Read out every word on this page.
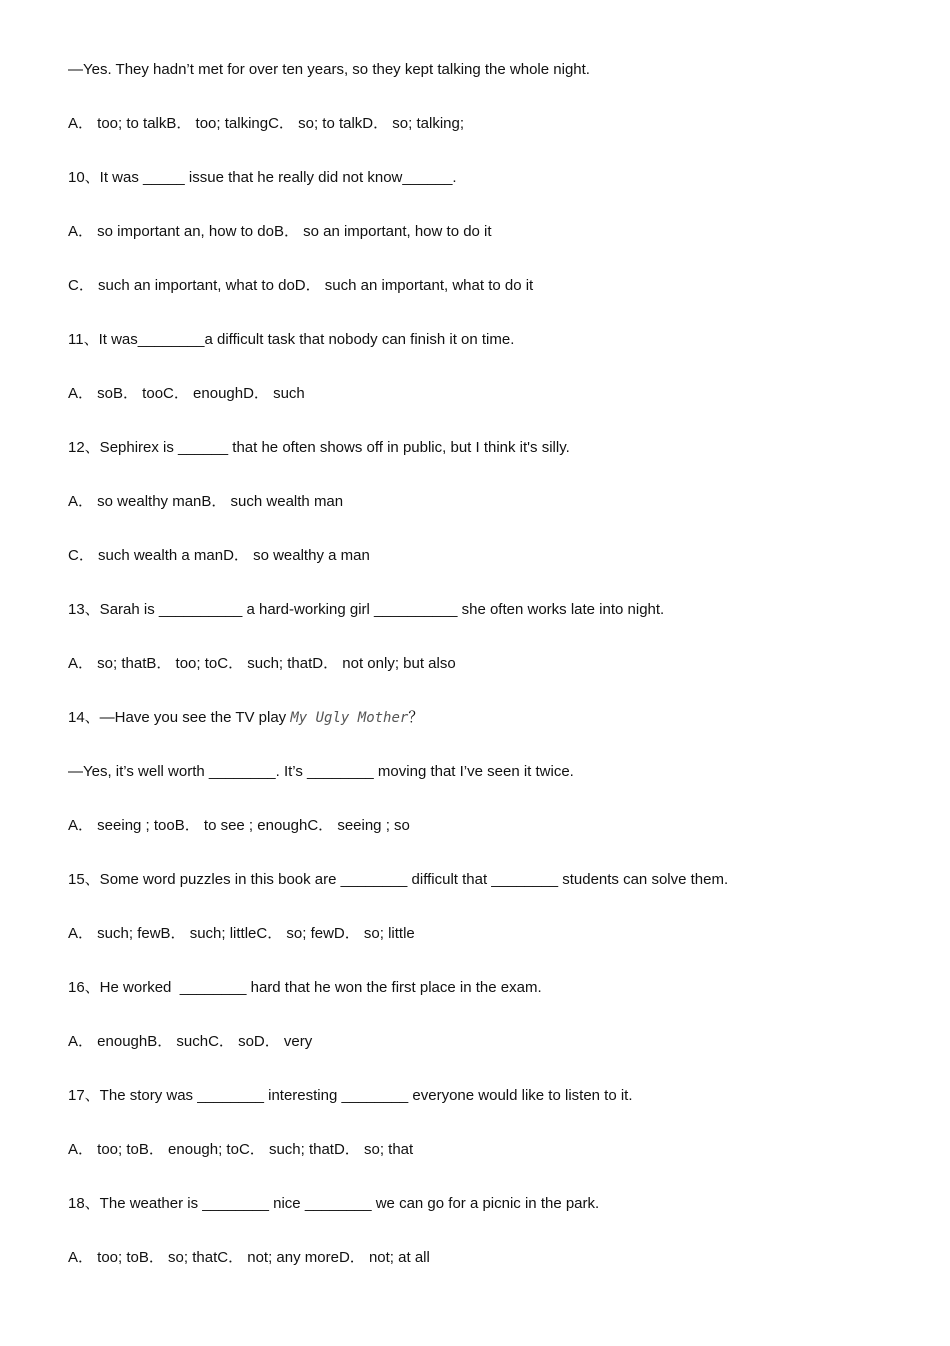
—Yes. They hadn’t met for over ten years, so they kept talking the whole night.
A． too; to talkB． too; talkingC． so; to talkD． so; talking;
10、It was _____ issue that he really did not know______.
A． so important an, how to doB． so an important, how to do it
C． such an important, what to doD． such an important, what to do it
11、It was________a difficult task that nobody can finish it on time.
A． soB． tooC． enoughD． such
12、Sephirex is ______ that he often shows off in public, but I think it's silly.
A． so wealthy manB． such wealth man
C． such wealth a manD． so wealthy a man
13、Sarah is __________ a hard-working girl __________ she often works late into night.
A． so; thatB． too; toC． such; thatD． not only; but also
14、—Have you see the TV play My Ugly Mother？
—Yes, it’s well worth ________. It’s ________ moving that I’ve seen it twice.
A． seeing ; tooB． to see ; enoughC． seeing ; so
15、Some word puzzles in this book are ________ difficult that ________ students can solve them.
A． such; fewB． such; littleC． so; fewD． so; little
16、He worked  ________ hard that he won the first place in the exam.
A． enoughB． suchC． soD． very
17、The story was ________ interesting ________ everyone would like to listen to it.
A． too; toB． enough; toC． such; thatD． so; that
18、The weather is ________ nice ________ we can go for a picnic in the park.
A． too; toB． so; thatC． not; any moreD． not; at all
